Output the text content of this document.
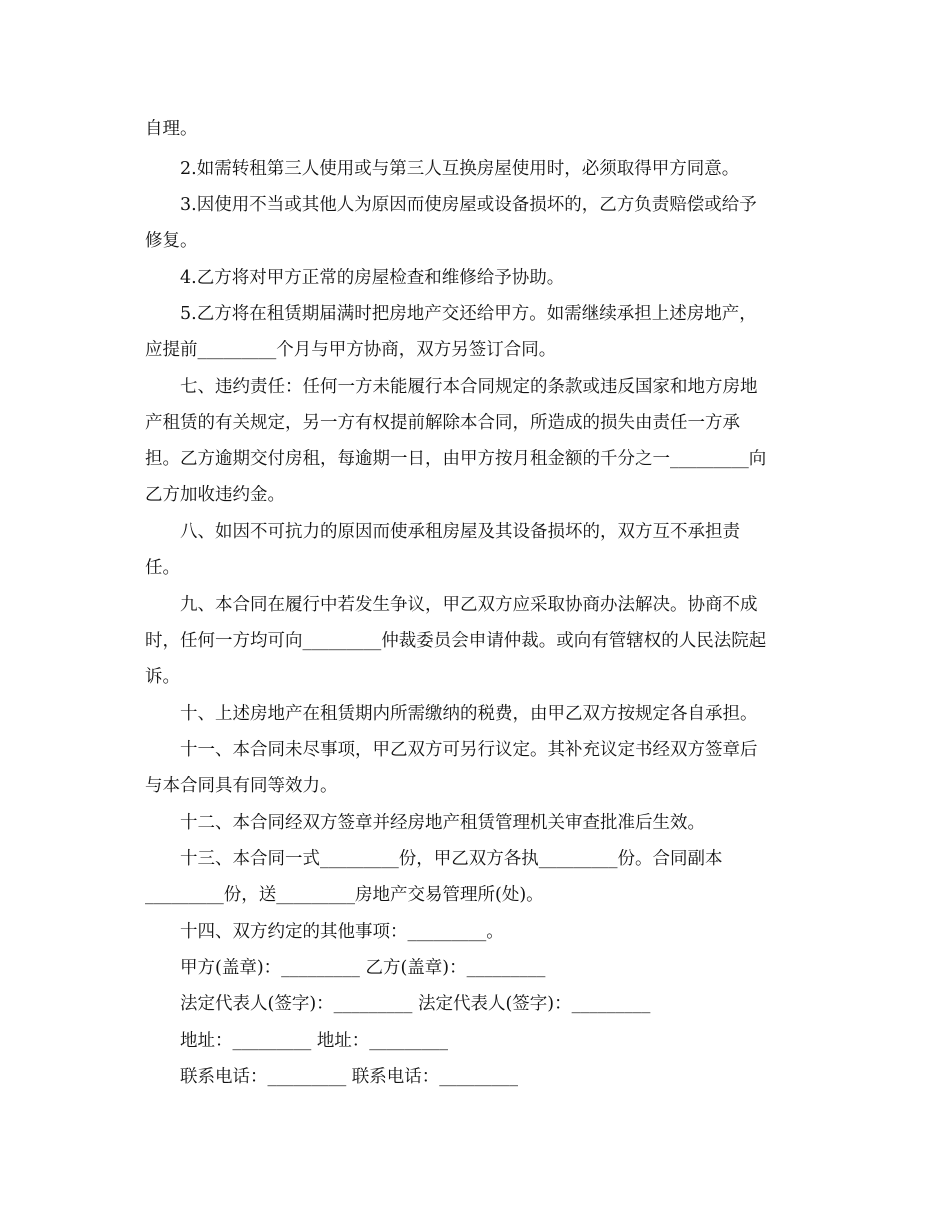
自理。
2.如需转租第三人使用或与第三人互换房屋使用时，必须取得甲方同意。
3.因使用不当或其他人为原因而使房屋或设备损坏的，乙方负责赔偿或给予
修复。
4.乙方将对甲方正常的房屋检查和维修给予协助。
5.乙方将在租赁期届满时把房地产交还给甲方。如需继续承担上述房地产，
应提前_________个月与甲方协商，双方另签订合同。
七、违约责任：任何一方未能履行本合同规定的条款或违反国家和地方房地
产租赁的有关规定，另一方有权提前解除本合同，所造成的损失由责任一方承
担。乙方逾期交付房租，每逾期一日，由甲方按月租金额的千分之一_________向
乙方加收违约金。
八、如因不可抗力的原因而使承租房屋及其设备损坏的，双方互不承担责
任。
九、本合同在履行中若发生争议，甲乙双方应采取协商办法解决。协商不成
时，任何一方均可向_________仲裁委员会申请仲裁。或向有管辖权的人民法院起
诉。
十、上述房地产在租赁期内所需缴纳的税费，由甲乙双方按规定各自承担。
十一、本合同未尽事项，甲乙双方可另行议定。其补充议定书经双方签章后
与本合同具有同等效力。
十二、本合同经双方签章并经房地产租赁管理机关审查批准后生效。
十三、本合同一式_________份，甲乙双方各执_________份。合同副本
_________份，送_________房地产交易管理所(处)。
十四、双方约定的其他事项：_________。
甲方(盖章)：_________ 乙方(盖章)：_________
法定代表人(签字)：_________ 法定代表人(签字)：_________
地址：_________ 地址：_________
联系电话：_________ 联系电话：_________
